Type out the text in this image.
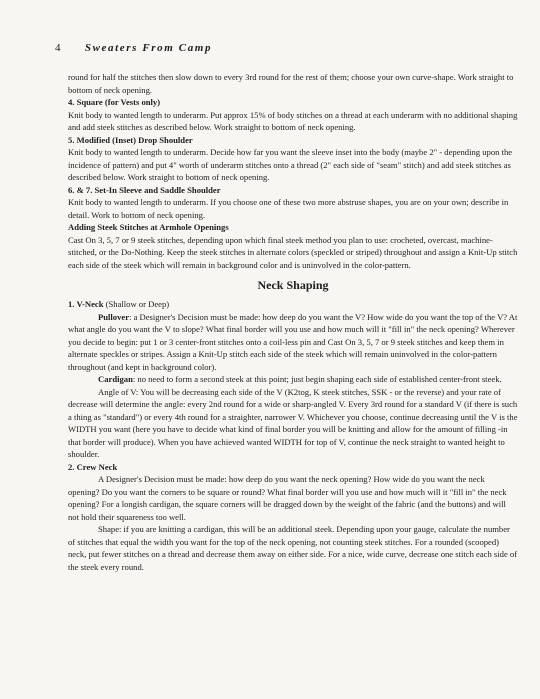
4 Sweaters From Camp

round for half the stitches then slow down to every 3rd round for the rest of them; choose your own curve-shape. Work straight to bottom of neck opening.

4. Square (for Vests only)

Knit body to wanted length to underarm. Put approx 15% of body stitches on a thread at each underarm with no additional shaping and add steek stitches as described below. Work straight to bottom of neck opening.

5. Modified (Inset) Drop Shoulder

Knit body to wanted length to underarm. Decide how far you want the sleeve inset into the body (maybe 2" - depending upon the incidence of pattern) and put 4" worth of underarm stitches onto a thread (2" each side of "seam" stitch) and add steek stitches as described below. Work straight to bottom of neck opening.

6. & 7. Set-In Sleeve and Saddle Shoulder

Knit body to wanted length to underarm. If you choose one of these two more abstruse shapes, you are on your own; describe in detail. Work to bottom of neck opening.

Adding Steek Stitches at Armhole Openings

Cast On 3, 5, 7 or 9 steek stitches, depending upon which final steek method you plan to use: crocheted, overcast, machine-stitched, or the Do-Nothing. Keep the steek stitches in alternate colors (speckled or striped) throughout and assign a Knit-Up stitch each side of the steek which will remain in background color and is uninvolved in the color-pattern.

Neck Shaping

1. V-Neck (Shallow or Deep)

Pullover: a Designer's Decision must be made: how deep do you want the V? How wide do you want the top of the V? At what angle do you want the V to slope? What final border will you use and how much will it "fill in" the neck opening? Wherever you decide to begin: put 1 or 3 center-front stitches onto a coil-less pin and Cast On 3, 5, 7 or 9 steek stitches and keep them in alternate speckles or stripes. Assign a Knit-Up stitch each side of the steek which will remain uninvolved in the color-pattern throughout (and kept in background color).

Cardigan: no need to form a second steek at this point; just begin shaping each side of established center-front steek.

Angle of V: You will be decreasing each side of the V (K2tog, K steek stitches, SSK - or the reverse) and your rate of decrease will determine the angle: every 2nd round for a wide or sharp-angled V. Every 3rd round for a standard V (if there is such a thing as "standard") or every 4th round for a straighter, narrower V. Whichever you choose, continue decreasing until the V is the WIDTH you want (here you have to decide what kind of final border you will be knitting and allow for the amount of filling -in that border will produce). When you have achieved wanted WIDTH for top of V, continue the neck straight to wanted height to shoulder.

2. Crew Neck

A Designer's Decision must be made: how deep do you want the neck opening? How wide do you want the neck opening? Do you want the corners to be square or round? What final border will you use and how much will it "fill in" the neck opening? For a longish cardigan, the square corners will be dragged down by the weight of the fabric (and the buttons) and will not hold their squareness too well.

Shape: if you are knitting a cardigan, this will be an additional steek. Depending upon your gauge, calculate the number of stitches that equal the width you want for the top of the neck opening, not counting steek stitches. For a rounded (scooped) neck, put fewer stitches on a thread and decrease them away on either side. For a nice, wide curve, decrease one stitch each side of the steek every round.
